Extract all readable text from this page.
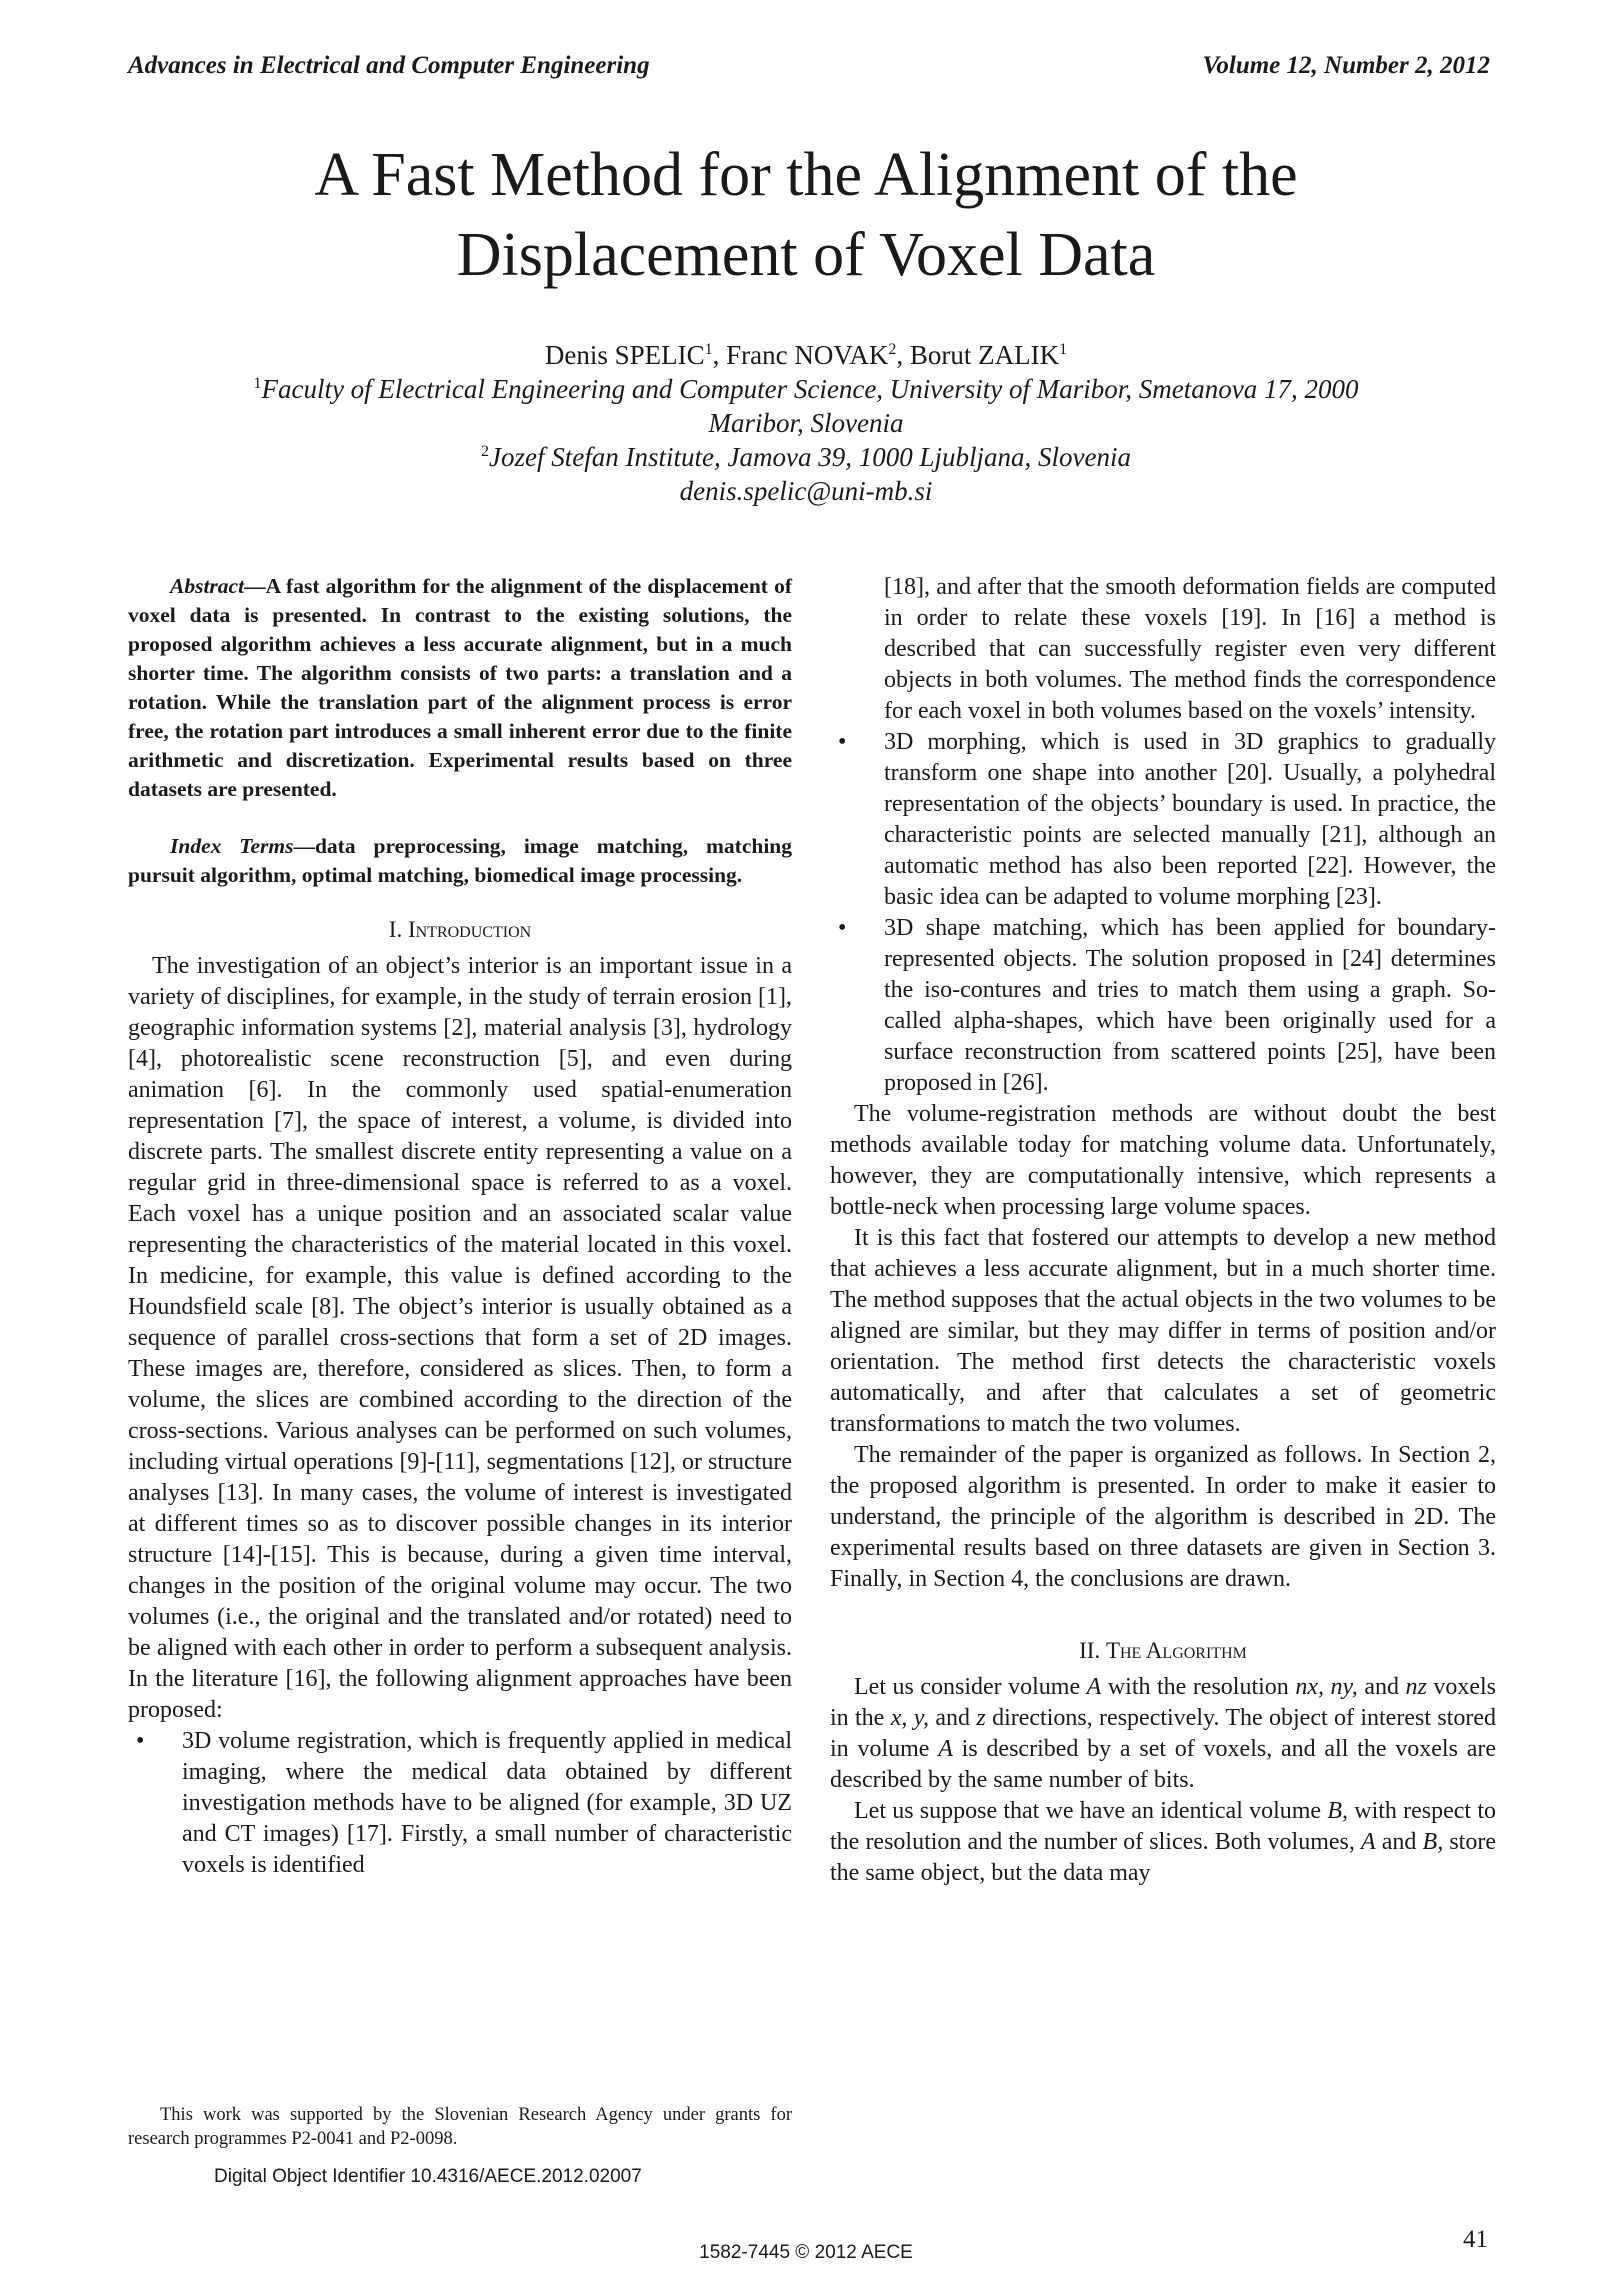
Advances in Electrical and Computer Engineering	Volume 12, Number 2, 2012
A Fast Method for the Alignment of the
Displacement of Voxel Data
Denis SPELIC$^1$, Franc NOVAK$^2$, Borut ZALIK$^1$
$^1$Faculty of Electrical Engineering and Computer Science, University of Maribor, Smetanova 17, 2000
Maribor, Slovenia
$^2$Jozef Stefan Institute, Jamova 39, 1000 Ljubljana, Slovenia
denis.spelic@uni-mb.si

Abstract—A fast algorithm for the alignment of the displacement of voxel data is presented. In contrast to the existing solutions, the proposed algorithm achieves a less accurate alignment, but in a much shorter time. The algorithm consists of two parts: a translation and a rotation. While the translation part of the alignment process is error free, the rotation part introduces a small inherent error due to the finite arithmetic and discretization. Experimental results based on three datasets are presented.

Index Terms—data preprocessing, image matching, matching pursuit algorithm, optimal matching, biomedical image processing.

I. Introduction

The investigation of an object’s interior is an important issue in a variety of disciplines, for example, in the study of terrain erosion [1], geographic information systems [2], material analysis [3], hydrology [4], photorealistic scene reconstruction [5], and even during animation [6]. In the commonly used spatial-enumeration representation [7], the space of interest, a volume, is divided into discrete parts. The smallest discrete entity representing a value on a regular grid in three-dimensional space is referred to as a voxel. Each voxel has a unique position and an associated scalar value representing the characteristics of the material located in this voxel. In medicine, for example, this value is defined according to the Houndsfield scale [8]. The object’s interior is usually obtained as a sequence of parallel cross-sections that form a set of 2D images. These images are, therefore, considered as slices. Then, to form a volume, the slices are combined according to the direction of the cross-sections. Various analyses can be performed on such volumes, including virtual operations [9]-[11], segmentations [12], or structure analyses [13]. In many cases, the volume of interest is investigated at different times so as to discover possible changes in its interior structure [14]-[15]. This is because, during a given time interval, changes in the position of the original volume may occur. The two volumes (i.e., the original and the translated and/or rotated) need to be aligned with each other in order to perform a subsequent analysis. In the literature [16], the following alignment approaches have been proposed:

• 3D volume registration, which is frequently applied in medical imaging, where the medical data obtained by different investigation methods have to be aligned (for example, 3D UZ and CT images) [17]. Firstly, a small number of characteristic voxels is identified
[18], and after that the smooth deformation fields are computed in order to relate these voxels [19]. In [16] a method is described that can successfully register even very different objects in both volumes. The method finds the correspondence for each voxel in both volumes based on the voxels’ intensity.
• 3D morphing, which is used in 3D graphics to gradually transform one shape into another [20]. Usually, a polyhedral representation of the objects’ boundary is used. In practice, the characteristic points are selected manually [21], although an automatic method has also been reported [22]. However, the basic idea can be adapted to volume morphing [23].
• 3D shape matching, which has been applied for boundary-represented objects. The solution proposed in [24] determines the iso-contures and tries to match them using a graph. So-called alpha-shapes, which have been originally used for a surface reconstruction from scattered points [25], have been proposed in [26].

The volume-registration methods are without doubt the best methods available today for matching volume data. Unfortunately, however, they are computationally intensive, which represents a bottle-neck when processing large volume spaces.

It is this fact that fostered our attempts to develop a new method that achieves a less accurate alignment, but in a much shorter time. The method supposes that the actual objects in the two volumes to be aligned are similar, but they may differ in terms of position and/or orientation. The method first detects the characteristic voxels automatically, and after that calculates a set of geometric transformations to match the two volumes.

The remainder of the paper is organized as follows. In Section 2, the proposed algorithm is presented. In order to make it easier to understand, the principle of the algorithm is described in 2D. The experimental results based on three datasets are given in Section 3. Finally, in Section 4, the conclusions are drawn.

II. The Algorithm

Let us consider volume A with the resolution nx, ny, and nz voxels in the x, y, and z directions, respectively. The object of interest stored in volume A is described by a set of voxels, and all the voxels are described by the same number of bits.

Let us suppose that we have an identical volume B, with respect to the resolution and the number of slices. Both volumes, A and B, store the same object, but the data may

This work was supported by the Slovenian Research Agency under grants for research programmes P2-0041 and P2-0098.
Digital Object Identifier 10.4316/AECE.2012.02007
41
1582-7445 © 2012 AECE
